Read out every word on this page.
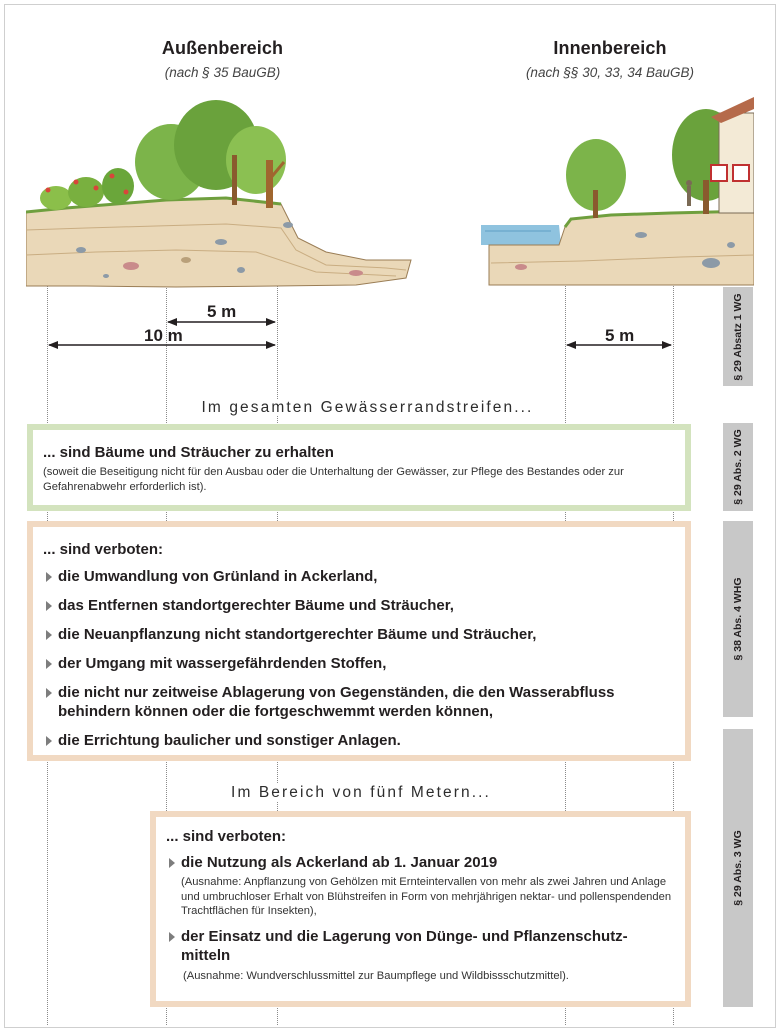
Außenbereich
(nach § 35 BauGB)
Innenbereich
(nach §§ 30, 33, 34 BauGB)
5 m
10 m	5 m
Im gesamten Gewässerrandstreifen...
... sind Bäume und Sträucher zu erhalten
(soweit die Beseitigung nicht für den Ausbau oder die Unterhaltung der Gewässer, zur Pflege des Bestandes oder zur Gefahrenabwehr erforderlich ist).
... sind verboten:
die Umwandlung von Grünland in Ackerland,
das Entfernen standortgerechter Bäume und Sträucher,
die Neuanpflanzung nicht standortgerechter Bäume und Sträucher,
der Umgang mit wassergefährdenden Stoffen,
die nicht nur zeitweise Ablagerung von Gegenständen, die den Wasserabfluss behindern können oder die fortgeschwemmt werden können,
die Errichtung baulicher und sonstiger Anlagen.
Im Bereich von fünf Metern...
... sind verboten:
die Nutzung als Ackerland ab 1. Januar 2019
(Ausnahme: Anpflanzung von Gehölzen mit Ernteintervallen von mehr als zwei Jahren und Anlage und umbruchloser Erhalt von Blühstreifen in Form von mehrjährigen nektar- und pollenspendenden Trachtflächen für Insekten),
der Einsatz und die Lagerung von Dünge- und Pflanzenschutz-mitteln
(Ausnahme: Wundverschlussmittel zur Baumpflege und Wildbissschutzmittel).
§ 29 Absatz 1 WG
§ 29 Abs. 2 WG
§ 38 Abs. 4 WHG
§ 29 Abs. 3 WG
